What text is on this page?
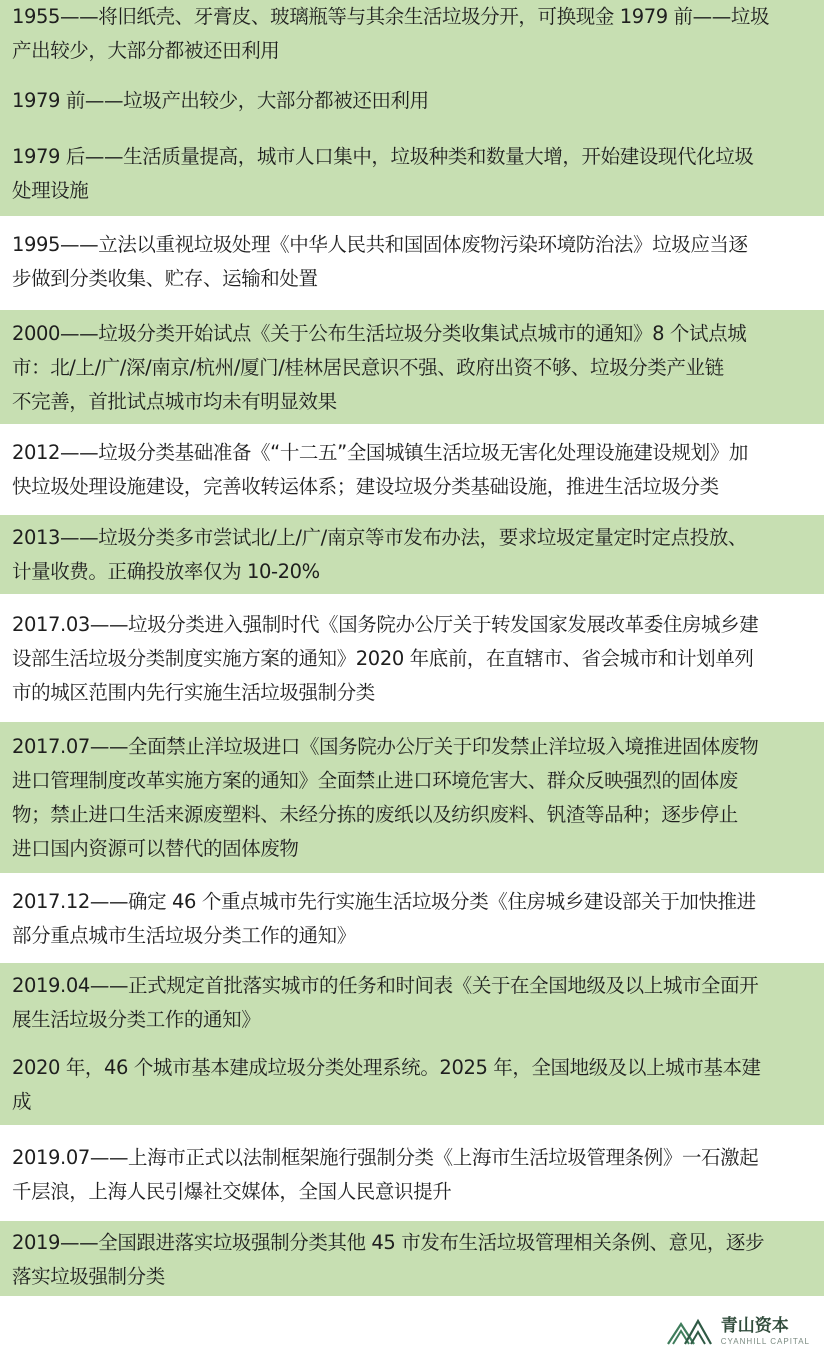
1955——将旧纸壳、牙膏皮、玻璃瓶等与其余生活垃圾分开，可换现金 1979 前——垃圾

产出较少，大部分都被还田利用

1979 前——垃圾产出较少，大部分都被还田利用

1979 后——生活质量提高，城市人口集中，垃圾种类和数量大增，开始建设现代化垃圾

处理设施

1995——立法以重视垃圾处理《中华人民共和国固体废物污染环境防治法》垃圾应当逐

步做到分类收集、贮存、运输和处置

2000——垃圾分类开始试点《关于公布生活垃圾分类收集试点城市的通知》8 个试点城

市：北/上/广/深/南京/杭州/厦门/桂林居民意识不强、政府出资不够、垃圾分类产业链

不完善，首批试点城市均未有明显效果

2012——垃圾分类基础准备《“十二五”全国城镇生活垃圾无害化处理设施建设规划》加

快垃圾处理设施建设，完善收转运体系；建设垃圾分类基础设施，推进生活垃圾分类

2013——垃圾分类多市尝试北/上/广/南京等市发布办法，要求垃圾定量定时定点投放、

计量收费。正确投放率仅为 10-20%

2017.03——垃圾分类进入强制时代《国务院办公厅关于转发国家发展改革委住房城乡建

设部生活垃圾分类制度实施方案的通知》2020 年底前，在直辖市、省会城市和计划单列

市的城区范围内先行实施生活垃圾强制分类

2017.07——全面禁止洋垃圾进口《国务院办公厅关于印发禁止洋垃圾入境推进固体废物

进口管理制度改革实施方案的通知》全面禁止进口环境危害大、群众反映强烈的固体废

物；禁止进口生活来源废塑料、未经分拣的废纸以及纺织废料、钒渣等品种；逐步停止

进口国内资源可以替代的固体废物

2017.12——确定 46 个重点城市先行实施生活垃圾分类《住房城乡建设部关于加快推进

部分重点城市生活垃圾分类工作的通知》

2019.04——正式规定首批落实城市的任务和时间表《关于在全国地级及以上城市全面开

展生活垃圾分类工作的通知》

2020 年，46 个城市基本建成垃圾分类处理系统。2025 年，全国地级及以上城市基本建

成

2019.07——上海市正式以法制框架施行强制分类《上海市生活垃圾管理条例》一石激起

千层浪，上海人民引爆社交媒体，全国人民意识提升

2019——全国跟进落实垃圾强制分类其他 45 市发布生活垃圾管理相关条例、意见，逐步

落实垃圾强制分类

青山资本
CYANHILL CAPITAL
